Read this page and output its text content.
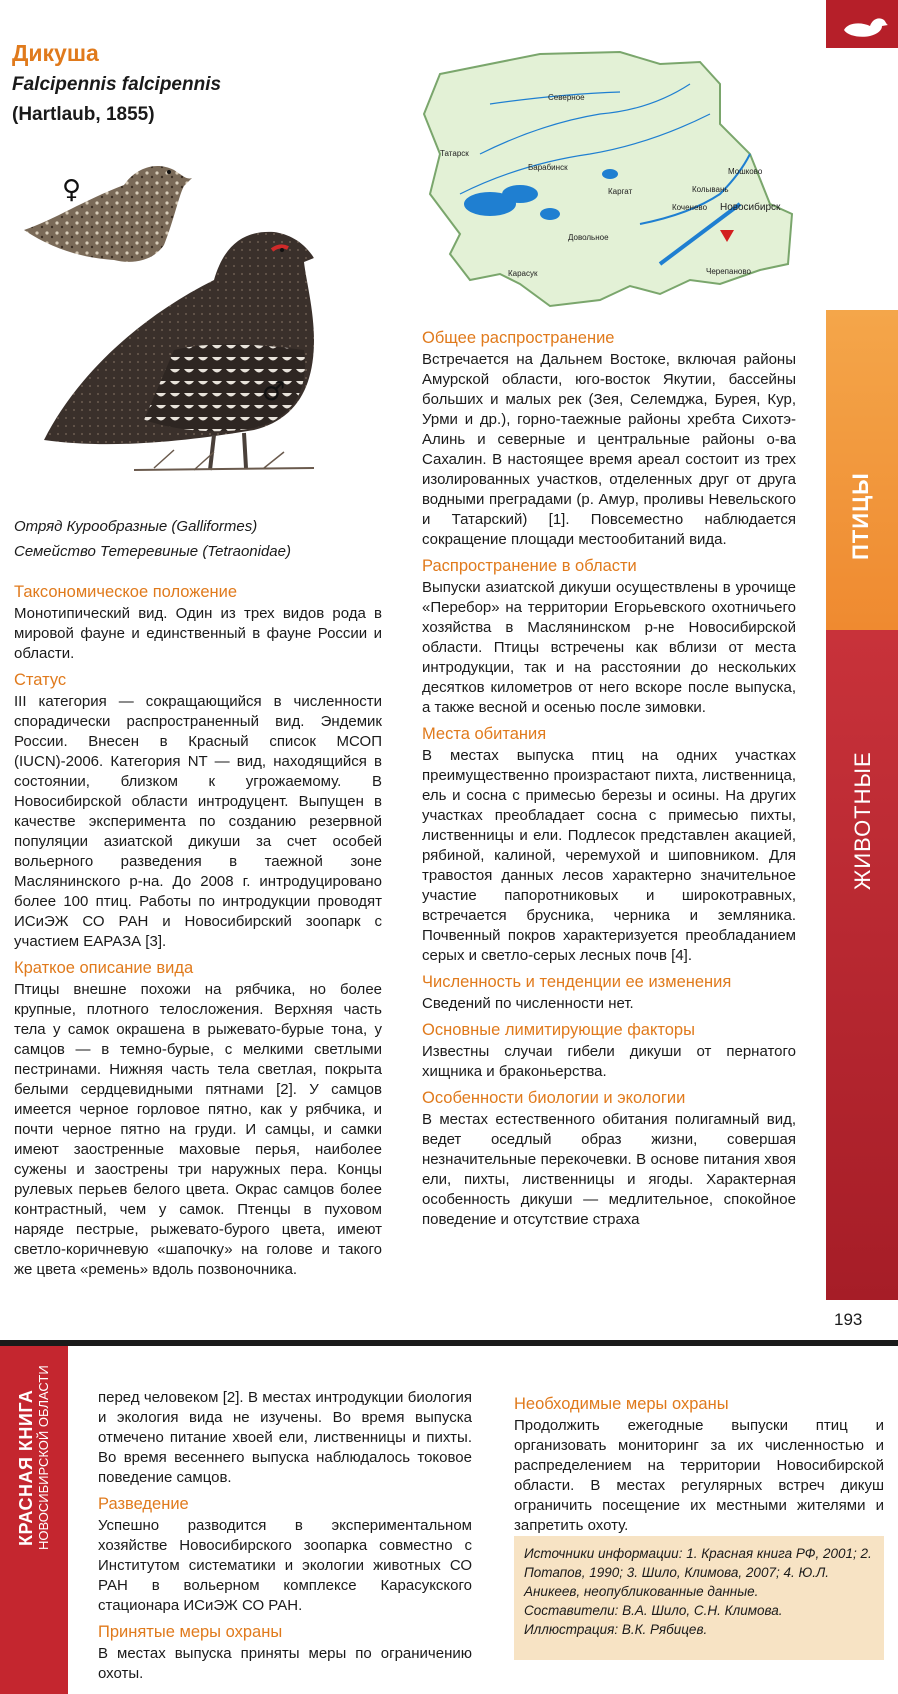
ПТИЦЫ
ЖИВОТНЫЕ
193
Дикуша
Falcipennis falcipennis
(Hartlaub, 1855)
♀
♂
Северное
Татарск
Барабинск
Каргат	Колывань
Мошково
Коченево Новосибирск
Довольное
Карасук	Черепаново
Отряд Курообразные (Galliformes)
Семейство Тетеревиные (Tetraonidae)
Таксономическое положение

Монотипический вид. Один из трех видов рода в мировой фауне и единственный в фауне России и области.

Статус

III категория — сокращающийся в численности спорадически распространенный вид. Эндемик России. Внесен в Красный список МСОП (IUCN)-2006. Категория NT — вид, находящийся в состоянии, близком к угрожаемому. В Новосибирской области интродуцент. Выпущен в качестве эксперимента по созданию резервной популяции азиатской дикуши за счет особей вольерного разведения в таежной зоне Маслянинского р-на. До 2008 г. интродуцировано более 100 птиц. Работы по интродукции проводят ИСиЭЖ СО РАН и Новосибирский зоопарк с участием ЕАРАЗА [3].

Краткое описание вида

Птицы внешне похожи на рябчика, но более крупные, плотного телосложения. Верхняя часть тела у самок окрашена в рыжевато-бурые тона, у самцов — в темно-бурые, с мелкими светлыми пестринами. Нижняя часть тела светлая, покрыта белыми сердцевидными пятнами [2]. У самцов имеется черное горловое пятно, как у рябчика, и почти черное пятно на груди. И самцы, и самки имеют заостренные маховые перья, наиболее сужены и заострены три наружных пера. Концы рулевых перьев белого цвета. Окрас самцов более контрастный, чем у самок. Птенцы в пуховом наряде пестрые, рыжевато-бурого цвета, имеют светло-коричневую «шапочку» на голове и такого же цвета «ремень» вдоль позвоночника.

Общее распространение

Встречается на Дальнем Востоке, включая районы Амурской области, юго-восток Якутии, бассейны больших и малых рек (Зея, Селемджа, Бурея, Кур, Урми и др.), горно-таежные районы хребта Сихотэ-Алинь и северные и центральные районы о-ва Сахалин. В настоящее время ареал состоит из трех изолированных участков, отделенных друг от друга водными преградами (р. Амур, проливы Невельского и Татарский) [1]. Повсеместно наблюдается сокращение площади местообитаний вида.

Распространение в области

Выпуски азиатской дикуши осуществлены в урочище «Перебор» на территории Егорьевского охотничьего хозяйства в Маслянинском р-не Новосибирской области. Птицы встречены как вблизи от места интродукции, так и на расстоянии до нескольких десятков километров от него вскоре после выпуска, а также весной и осенью после зимовки.

Места обитания

В местах выпуска птиц на одних участках преимущественно произрастают пихта, лиственница, ель и сосна с примесью березы и осины. На других участках преобладает сосна с примесью пихты, лиственницы и ели. Подлесок представлен акацией, рябиной, калиной, черемухой и шиповником. Для травостоя данных лесов характерно значительное участие папоротниковых и широкотравных, встречается брусника, черника и земляника. Почвенный покров характеризуется преобладанием серых и светло-серых лесных почв [4].

Численность и тенденции ее изменения

Сведений по численности нет.

Основные лимитирующие факторы

Известны случаи гибели дикуши от пернатого хищника и браконьерства.

Особенности биологии и экологии

В местах естественного обитания полигамный вид, ведет оседлый образ жизни, совершая незначительные перекочевки. В основе питания хвоя ели, пихты, лиственницы и ягоды. Характерная особенность дикуши — медлительное, спокойное поведение и отсутствие страха

КРАСНАЯ КНИГА НОВОСИБИРСКОЙ ОБЛАСТИ	перед человеком [2]. В местах интродукции биология и экология вида не изучены. Во время выпуска отмечено питание хвоей ели, лиственницы и пихты. Во время весеннего выпуска наблюдалось токовое поведение самцов.

Разведение

Успешно разводится в экспериментальном хозяйстве Новосибирского зоопарка совместно с Институтом систематики и экологии животных СО РАН в вольерном комплексе Карасукского стационара ИСиЭЖ СО РАН.

Принятые меры охраны

В местах выпуска приняты меры по ограничению охоты.

Необходимые меры охраны

Продолжить ежегодные выпуски птиц и организовать мониторинг за их численностью и распределением на территории Новосибирской области. В местах регулярных встреч дикуш ограничить посещение их местными жителями и запретить охоту.

Источники информации: 1. Красная книга РФ, 2001; 2. Потапов, 1990; 3. Шило, Климова, 2007; 4. Ю.Л. Аникеев, неопубликованные данные.
Составители: В.А. Шило, С.Н. Климова.
Иллюстрация: В.К. Рябицев.
